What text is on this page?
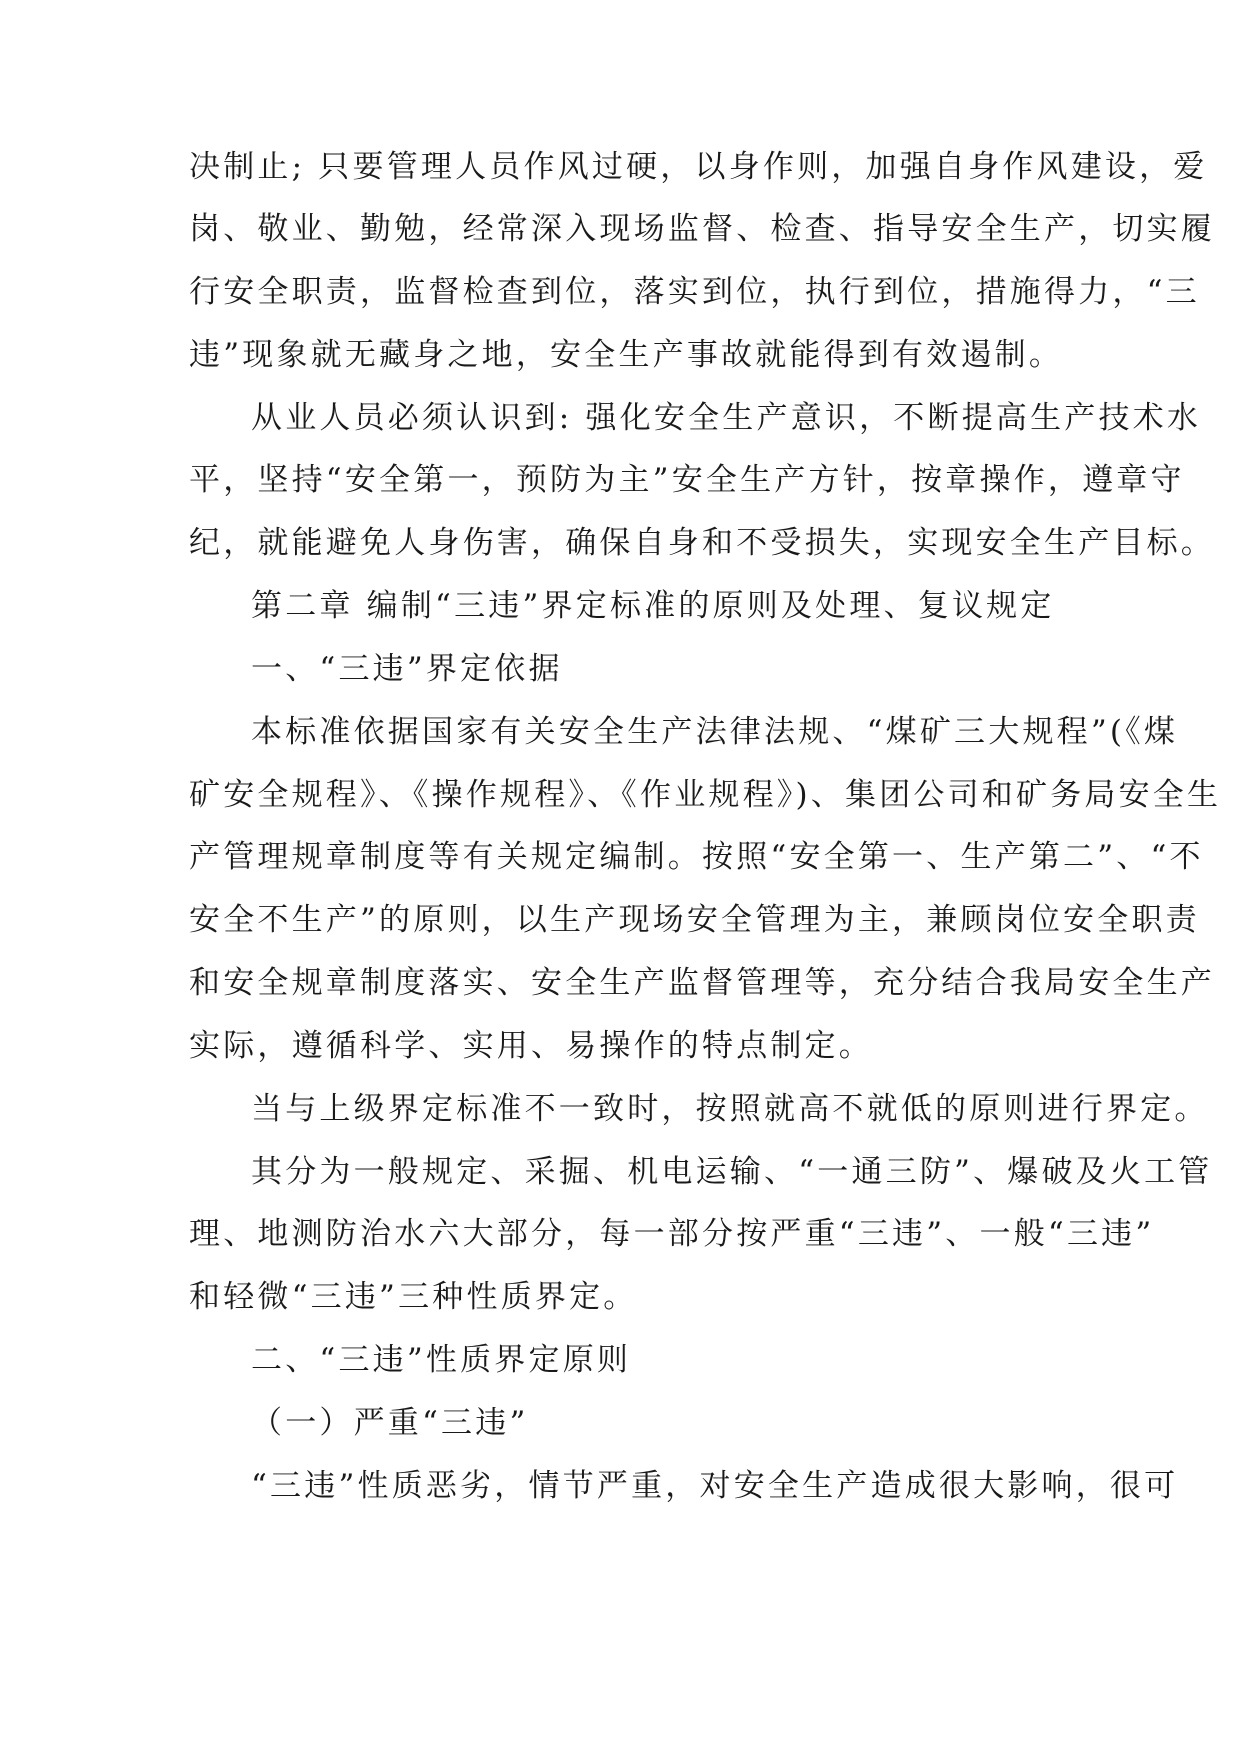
决制止; 只要管理人员作风过硬，以身作则，加强自身作风建设，爱
岗、敬业、勤勉，经常深入现场监督、检查、指导安全生产，切实履
行安全职责，监督检查到位，落实到位，执行到位，措施得力，“三
违”现象就无藏身之地，安全生产事故就能得到有效遏制。
从业人员必须认识到: 强化安全生产意识，不断提高生产技术水
平，坚持“安全第一，预防为主”安全生产方针，按章操作，遵章守
纪，就能避免人身伤害，确保自身和不受损失，实现安全生产目标。
第二章 编制“三违”界定标准的原则及处理、复议规定
一、“三违”界定依据
本标准依据国家有关安全生产法律法规、“煤矿三大规程”(《煤
矿安全规程》、《操作规程》、《作业规程》)、集团公司和矿务局安全生
产管理规章制度等有关规定编制。按照“安全第一、生产第二”、“不
安全不生产”的原则，以生产现场安全管理为主，兼顾岗位安全职责
和安全规章制度落实、安全生产监督管理等，充分结合我局安全生产
实际，遵循科学、实用、易操作的特点制定。
当与上级界定标准不一致时，按照就高不就低的原则进行界定。
其分为一般规定、采掘、机电运输、“一通三防”、爆破及火工管
理、地测防治水六大部分，每一部分按严重“三违”、一般“三违”
和轻微“三违”三种性质界定。
二、“三违”性质界定原则
（一）严重“三违”
“三违”性质恶劣，情节严重，对安全生产造成很大影响，很可
